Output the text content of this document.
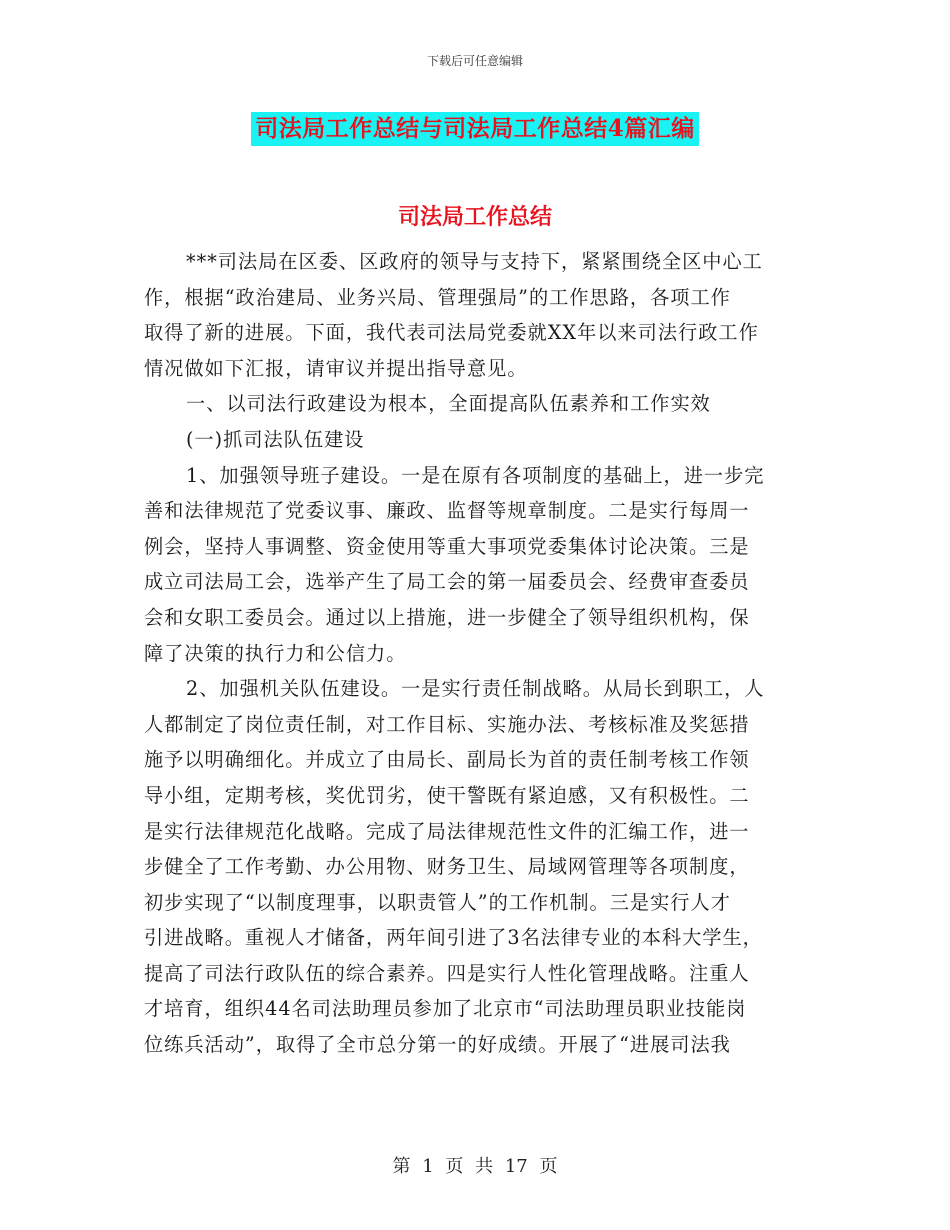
下载后可任意编辑
司法局工作总结与司法局工作总结4篇汇编
司法局工作总结
***司法局在区委、区政府的领导与支持下，紧紧围绕全区中心工
作，根据“政治建局、业务兴局、管理强局”的工作思路，各项工作
取得了新的进展。下面，我代表司法局党委就XX年以来司法行政工作
情况做如下汇报，请审议并提出指导意见。
一、以司法行政建设为根本，全面提高队伍素养和工作实效
(一)抓司法队伍建设
1、加强领导班子建设。一是在原有各项制度的基础上，进一步完
善和法律规范了党委议事、廉政、监督等规章制度。二是实行每周一
例会，坚持人事调整、资金使用等重大事项党委集体讨论决策。三是
成立司法局工会，选举产生了局工会的第一届委员会、经费审查委员
会和女职工委员会。通过以上措施，进一步健全了领导组织机构，保
障了决策的执行力和公信力。
2、加强机关队伍建设。一是实行责任制战略。从局长到职工，人
人都制定了岗位责任制，对工作目标、实施办法、考核标准及奖惩措
施予以明确细化。并成立了由局长、副局长为首的责任制考核工作领
导小组，定期考核，奖优罚劣，使干警既有紧迫感，又有积极性。二
是实行法律规范化战略。完成了局法律规范性文件的汇编工作，进一
步健全了工作考勤、办公用物、财务卫生、局域网管理等各项制度，
初步实现了“以制度理事，以职责管人”的工作机制。三是实行人才
引进战略。重视人才储备，两年间引进了3名法律专业的本科大学生，
提高了司法行政队伍的综合素养。四是实行人性化管理战略。注重人
才培育，组织44名司法助理员参加了北京市“司法助理员职业技能岗
位练兵活动”，取得了全市总分第一的好成绩。开展了“进展司法我
第 1 页 共 17 页
